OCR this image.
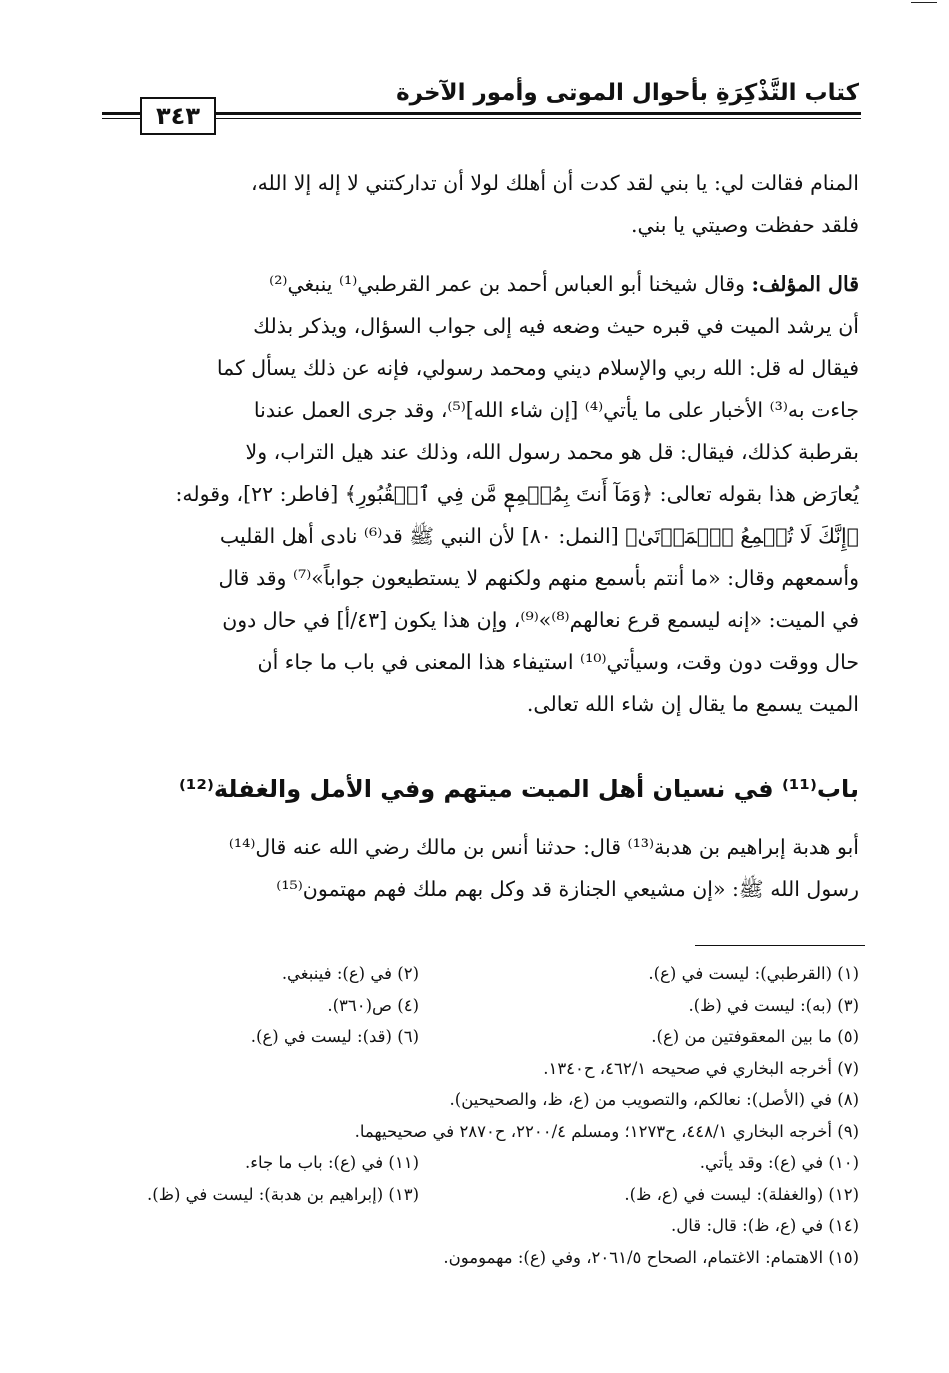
كتاب التَّذْكِرَةِ بأحوال الموتى وأمور الآخرة
٣٤٣

المنام فقالت لي: يا بني لقد كدت أن أهلك لولا أن تداركتني لا إله إلا الله،

فلقد حفظت وصيتي يا بني.

قال المؤلف: وقال شيخنا أبو العباس أحمد بن عمر القرطبي⁽¹⁾ ينبغي⁽²⁾

أن يرشد الميت في قبره حيث وضعه فيه إلى جواب السؤال، ويذكر بذلك

فيقال له قل: الله ربي والإسلام ديني ومحمد رسولي، فإنه عن ذلك يسأل كما

جاءت به⁽³⁾ الأخبار على ما يأتي⁽⁴⁾ [إن شاء الله]⁽⁵⁾، وقد جرى العمل عندنا

بقرطبة كذلك، فيقال: قل هو محمد رسول الله، وذلك عند هيل التراب، ولا

يُعارَض هذا بقوله تعالى: ﴿وَمَآ أَنتَ بِمُسۡمِعٖ مَّن فِي ٱلۡقُبُورِ﴾ [فاطر: ٢٢]، وقوله:

﴿إِنَّكَ لَا تُسۡمِعُ ٱلۡمَوۡتَىٰ﴾ [النمل: ٨٠] لأن النبي ﷺ قد⁽⁶⁾ نادى أهل القليب

وأسمعهم وقال: «ما أنتم بأسمع منهم ولكنهم لا يستطيعون جواباً»⁽⁷⁾ وقد قال

في الميت: «إنه ليسمع قرع نعالهم⁽⁸⁾»⁽⁹⁾، وإن هذا يكون [٤٣/أ] في حال دون

حال ووقت دون وقت، وسيأتي⁽¹⁰⁾ استيفاء هذا المعنى في باب ما جاء أن

الميت يسمع ما يقال إن شاء الله تعالى.

باب⁽¹¹⁾ في نسيان أهل الميت ميتهم وفي الأمل والغفلة⁽¹²⁾

أبو هدبة إبراهيم بن هدبة⁽¹³⁾ قال: حدثنا أنس بن مالك رضي الله عنه قال⁽¹⁴⁾

رسول الله ﷺ: «إن مشيعي الجنازة قد وكل بهم ملك فهم مهتمون⁽¹⁵⁾

(١) (القرطبي): ليست في (ع).
(٢) في (ع): فينبغي.
(٣) (به): ليست في (ظ).
(٤) ص(٣٦٠).
(٥) ما بين المعقوفتين من (ع).
(٦) (قد): ليست في (ع).
(٧) أخرجه البخاري في صحيحه ٤٦٢/١، ح١٣٤٠.
(٨) في (الأصل): نعالكم، والتصويب من (ع، ظ، والصحيحين).
(٩) أخرجه البخاري ٤٤٨/١، ح١٢٧٣؛ ومسلم ٢٢٠٠/٤، ح٢٨٧٠ في صحيحيهما.
(١٠) في (ع): وقد يأتي.
(١١) في (ع): باب ما جاء.
(١٢) (والغفلة): ليست في (ع، ظ).
(١٣) (إبراهيم بن هدبة): ليست في (ظ).
(١٤) في (ع، ظ): قال: قال.
(١٥) الاهتمام: الاغتمام، الصحاح ٢٠٦١/٥، وفي (ع): مهمومون.
